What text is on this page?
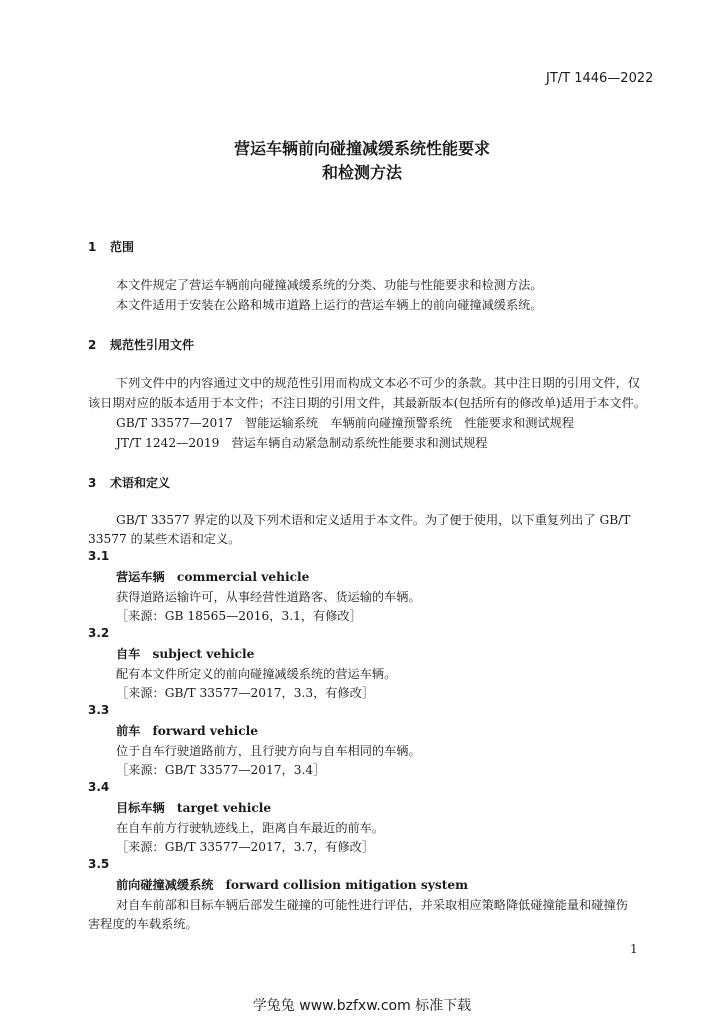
JT/T 1446—2022
营运车辆前向碰撞减缓系统性能要求
和检测方法
1 范围
本文件规定了营运车辆前向碰撞减缓系统的分类、功能与性能要求和检测方法。
本文件适用于安装在公路和城市道路上运行的营运车辆上的前向碰撞减缓系统。
2 规范性引用文件
下列文件中的内容通过文中的规范性引用而构成文本必不可少的条款。其中注日期的引用文件，仅
该日期对应的版本适用于本文件；不注日期的引用文件，其最新版本(包括所有的修改单)适用于本文件。
GB/T 33577—2017　智能运输系统　车辆前向碰撞预警系统　性能要求和测试规程
JT/T 1242—2019　营运车辆自动紧急制动系统性能要求和测试规程
3 术语和定义
GB/T 33577 界定的以及下列术语和定义适用于本文件。为了便于使用，以下重复列出了 GB/T
33577 的某些术语和定义。
3.1
营运车辆　commercial vehicle
获得道路运输许可，从事经营性道路客、货运输的车辆。
［来源：GB 18565—2016，3.1，有修改］
3.2
自车　subject vehicle
配有本文件所定义的前向碰撞减缓系统的营运车辆。
［来源：GB/T 33577—2017，3.3，有修改］
3.3
前车　forward vehicle
位于自车行驶道路前方，且行驶方向与自车相同的车辆。
［来源：GB/T 33577—2017，3.4］
3.4
目标车辆　target vehicle
在自车前方行驶轨迹线上，距离自车最近的前车。
［来源：GB/T 33577—2017，3.7，有修改］
3.5
前向碰撞减缓系统　forward collision mitigation system
对自车前部和目标车辆后部发生碰撞的可能性进行评估，并采取相应策略降低碰撞能量和碰撞伤
害程度的车载系统。
1
学兔兔 www.bzfxw.com 标准下载
